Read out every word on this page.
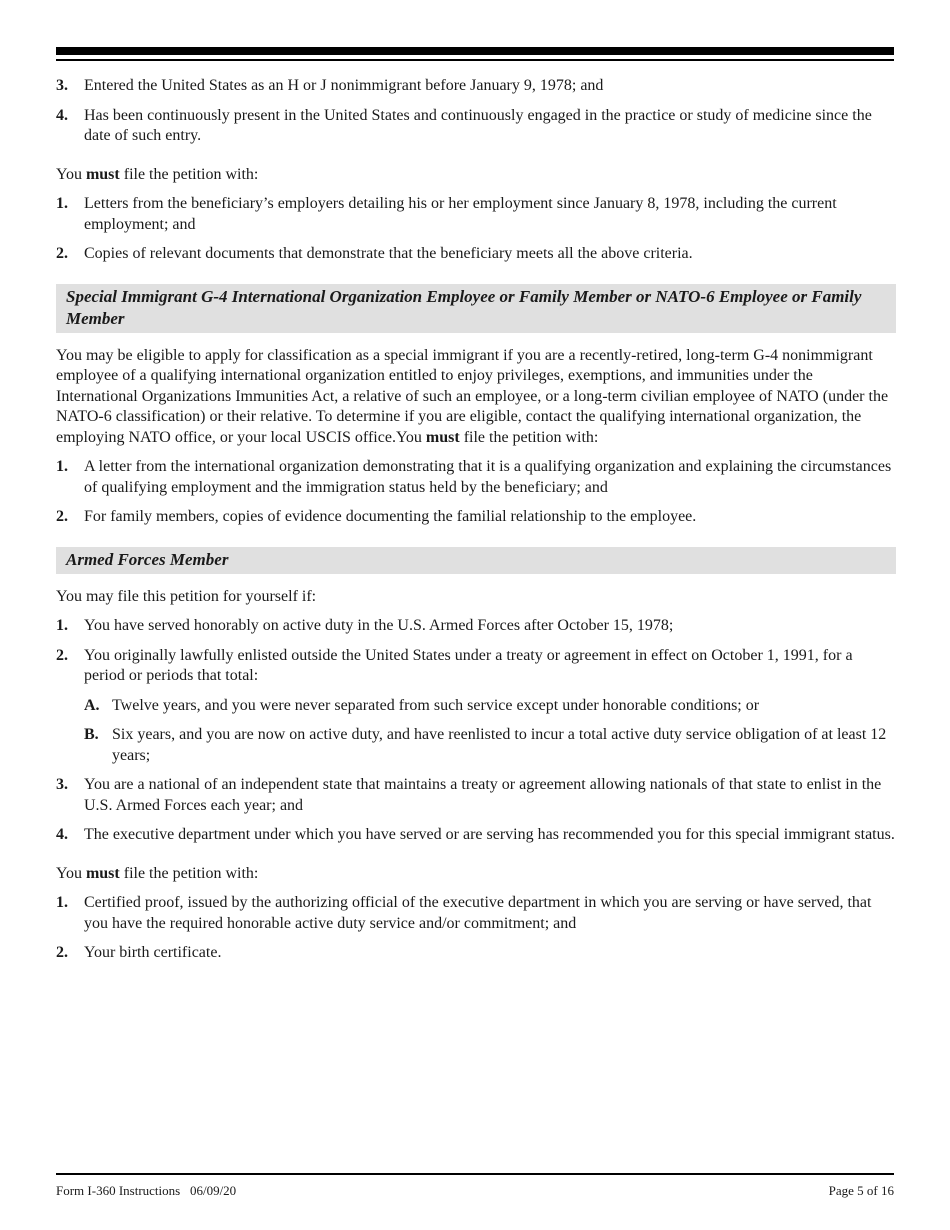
3. Entered the United States as an H or J nonimmigrant before January 9, 1978; and
4. Has been continuously present in the United States and continuously engaged in the practice or study of medicine since the date of such entry.

You must file the petition with:

1. Letters from the beneficiary’s employers detailing his or her employment since January 8, 1978, including the current employment; and
2. Copies of relevant documents that demonstrate that the beneficiary meets all the above criteria.
Special Immigrant G-4 International Organization Employee or Family Member or NATO-6 Employee or Family Member

You may be eligible to apply for classification as a special immigrant if you are a recently-retired, long-term G-4 nonimmigrant employee of a qualifying international organization entitled to enjoy privileges, exemptions, and immunities under the International Organizations Immunities Act, a relative of such an employee, or a long-term civilian employee of NATO (under the NATO-6 classification) or their relative. To determine if you are eligible, contact the qualifying international organization, the employing NATO office, or your local USCIS office.You must file the petition with:

1. A letter from the international organization demonstrating that it is a qualifying organization and explaining the circumstances of qualifying employment and the immigration status held by the beneficiary; and
2. For family members, copies of evidence documenting the familial relationship to the employee.
Armed Forces Member

You may file this petition for yourself if:

1. You have served honorably on active duty in the U.S. Armed Forces after October 15, 1978;
2. You originally lawfully enlisted outside the United States under a treaty or agreement in effect on October 1, 1991, for a period or periods that total:
A. Twelve years, and you were never separated from such service except under honorable conditions; or
B. Six years, and you are now on active duty, and have reenlisted to incur a total active duty service obligation of at least 12 years;
3. You are a national of an independent state that maintains a treaty or agreement allowing nationals of that state to enlist in the U.S. Armed Forces each year; and
4. The executive department under which you have served or are serving has recommended you for this special immigrant status.

You must file the petition with:

1. Certified proof, issued by the authorizing official of the executive department in which you are serving or have served, that you have the required honorable active duty service and/or commitment; and
2. Your birth certificate.
Form I-360 Instructions   06/09/20	Page 5 of 16
